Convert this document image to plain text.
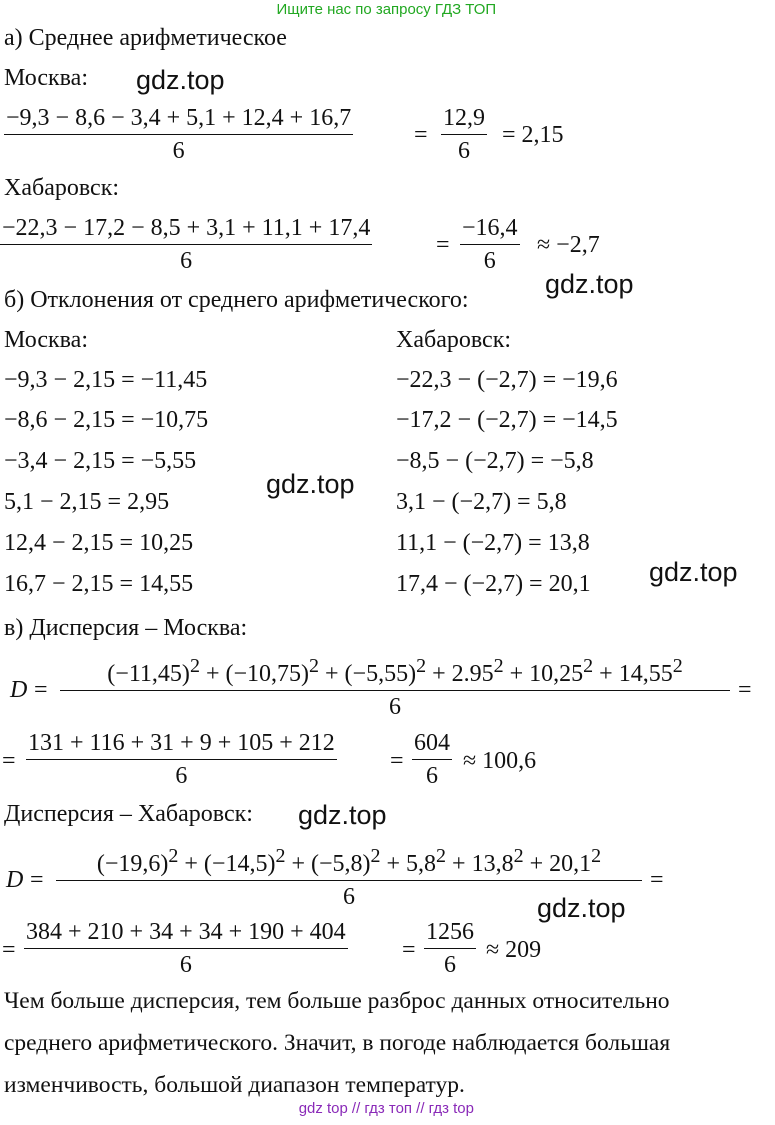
Ищите нас по запросу ГДЗ ТОП
gdz.top
gdz.top
gdz.top
gdz.top
gdz.top
gdz.top
а) Среднее арифметическое
Москва:
−9,3 − 8,6 − 3,4 + 5,1 + 12,4 + 16,7
6
=
12,9
6
= 2,15
Хабаровск:
−22,3 − 17,2 − 8,5 + 3,1 + 11,1 + 17,4
6
=
−16,4
6
≈ −2,7
б) Отклонения от среднего арифметического:
Москва:	Хабаровск:
−9,3 − 2,15 = −11,45
−8,6 − 2,15 = −10,75
−3,4 − 2,15 = −5,55
5,1 − 2,15 = 2,95
12,4 − 2,15 = 10,25
16,7 − 2,15 = 14,55
−22,3 − (−2,7) = −19,6
−17,2 − (−2,7) = −14,5
−8,5 − (−2,7) = −5,8
3,1 − (−2,7) = 5,8
11,1 − (−2,7) = 13,8
17,4 − (−2,7) = 20,1
в) Дисперсия – Москва:
D =
$(-11,45)^2 + (-10,75)^2 + (-5,55)^2 + 2.95^2 + 10,25^2 + 14,55^2$
6
=
=
131 + 116 + 31 + 9 + 105 + 212
6
=
604
6
≈ 100,6
Дисперсия – Хабаровск:
D =
$(-19,6)^2 + (-14,5)^2 + (-5,8)^2 + 5,8^2 + 13,8^2 + 20,1^2$
6
=
=
384 + 210 + 34 + 34 + 190 + 404
6
=
1256
6
≈ 209
Чем больше дисперсия, тем больше разброс данных относительно
среднего арифметического. Значит, в погоде наблюдается большая
изменчивость, большой диапазон температур.
gdz top // гдз топ // гдз top
